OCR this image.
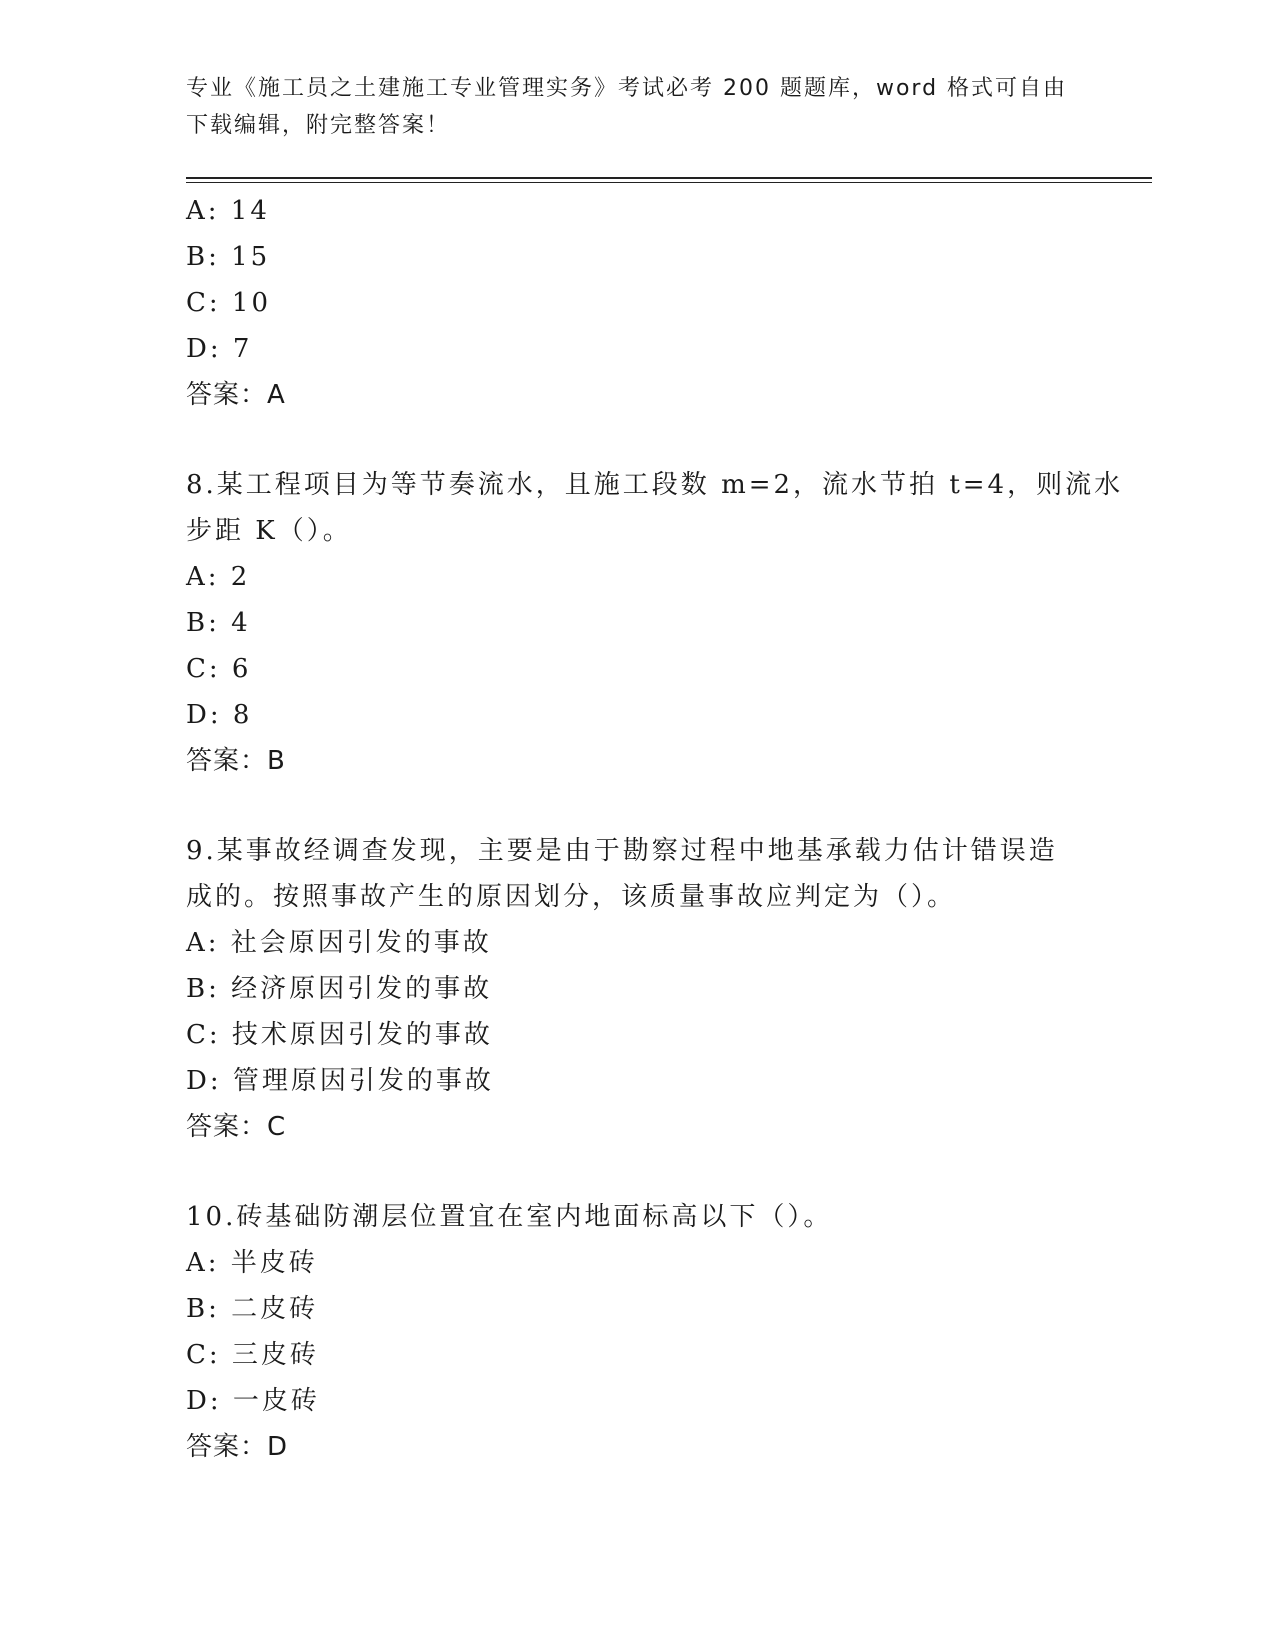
专业《施工员之土建施工专业管理实务》考试必考 200 题题库，word 格式可自由
下载编辑，附完整答案！
A: 14
B: 15
C: 10
D: 7
答案：A
8.某工程项目为等节奏流水，且施工段数 m=2，流水节拍 t=4，则流水
步距 K（）。
A: 2
B: 4
C: 6
D: 8
答案：B
9.某事故经调查发现，主要是由于勘察过程中地基承载力估计错误造
成的。按照事故产生的原因划分，该质量事故应判定为（）。
A: 社会原因引发的事故
B: 经济原因引发的事故
C: 技术原因引发的事故
D: 管理原因引发的事故
答案：C
10.砖基础防潮层位置宜在室内地面标高以下（）。
A: 半皮砖
B: 二皮砖
C: 三皮砖
D: 一皮砖
答案：D
